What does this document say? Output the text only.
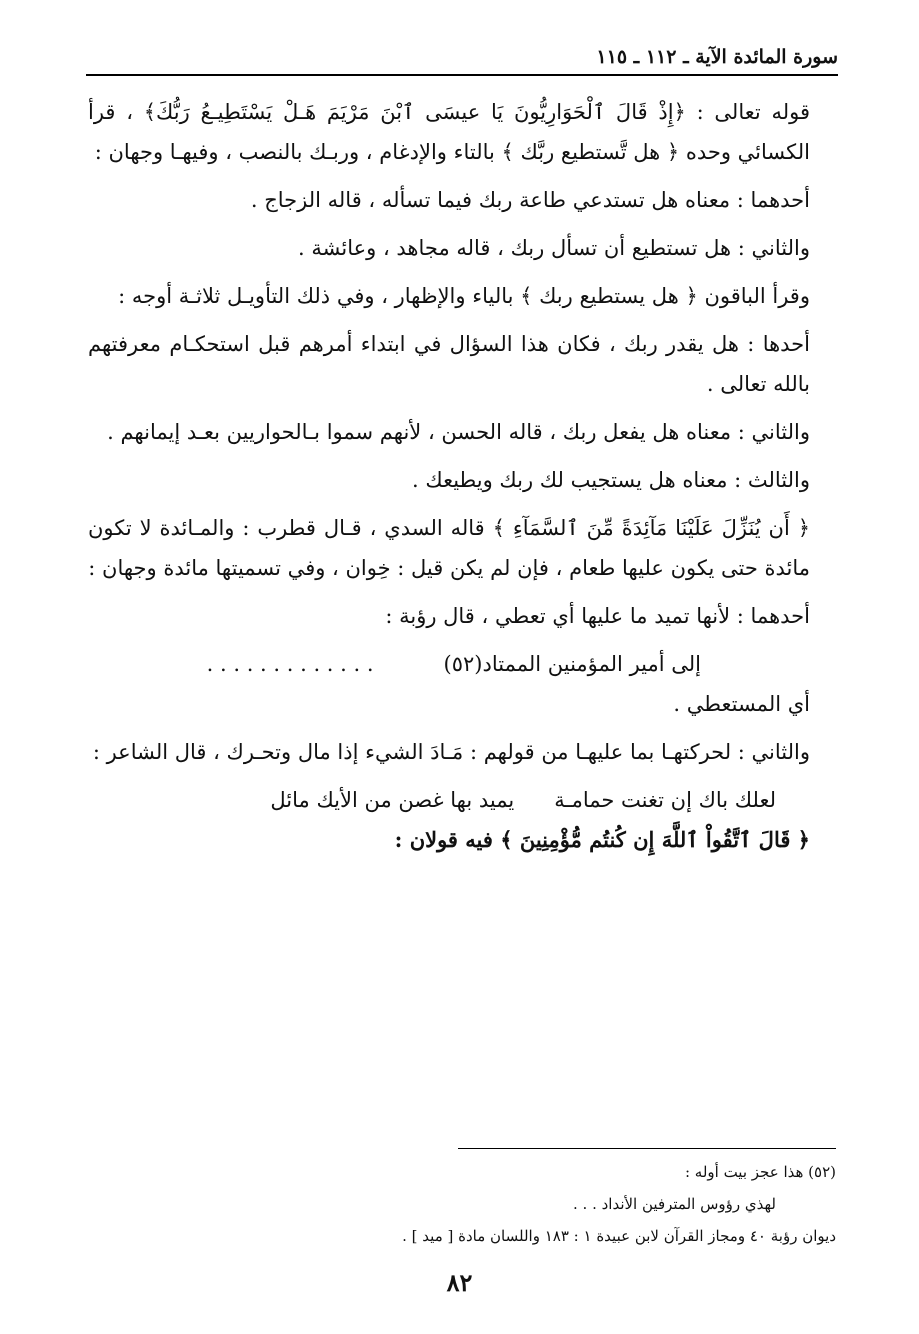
سورة المائدة الآية ـ ١١٢ ـ ١١٥

قوله تعالى : ﴿إِذْ قَالَ ٱلْحَوَارِيُّونَ يَا عيسَى ٱبْنَ مَرْيَمَ هَـلْ يَسْتَطِيـعُ رَبُّكَ﴾ ، قرأ الكسائي وحده ﴿ هل تَّستطيع ربَّك ﴾ بالتاء والإدغام ، وربـك بالنصب ، وفيهـا وجهان :

أحدهما : معناه هل تستدعي طاعة ربك فيما تسأله ، قاله الزجاج .

والثاني : هل تستطيع أن تسأل ربك ، قاله مجاهد ، وعائشة .

وقرأ الباقون ﴿ هل يستطيع ربك ﴾ بالياء والإظهار ، وفي ذلك التأويـل ثلاثـة أوجه :

أحدها : هل يقدر ربك ، فكان هذا السؤال في ابتداء أمرهم قبل استحكـام معرفتهم بالله تعالى .

والثاني : معناه هل يفعل ربك ، قاله الحسن ، لأنهم سموا بـالحواريين بعـد إيمانهم .

والثالث : معناه هل يستجيب لك ربك ويطيعك .

﴿ أَن يُنَزِّلَ عَلَيْنَا مَآئِدَةً مِّنَ ٱلسَّمَآءِ ﴾ قاله السدي ، قـال قطرب : والمـائدة لا تكون مائدة حتى يكون عليها طعام ، فإن لم يكن قيل : خِوان ، وفي تسميتها مائدة وجهان :

أحدهما : لأنها تميد ما عليها أي تعطي ، قال رؤبة :

إلى أمير المؤمنين الممتاد(٥٢)
. . . . . . . . . . . . .

أي المستعطي .

والثاني : لحركتهـا بما عليهـا من قولهم : مَـادَ الشيء إذا مال وتحـرك ، قال الشاعر :

لعلك باك إن تغنت حمامـة
يميد بها غصن من الأيك مائل

﴿ قَالَ ٱتَّقُواْ ٱللَّهَ إِن كُنتُم مُّؤْمِنِينَ ﴾ فيه قولان :

(٥٢) هذا عجز بيت أوله :

لهذي رؤوس المترفين الأنداد . . .

ديوان رؤبة ٤٠ ومجاز القرآن لابن عبيدة ١ : ١٨٣ واللسان مادة [ ميد ] .

٨٢
